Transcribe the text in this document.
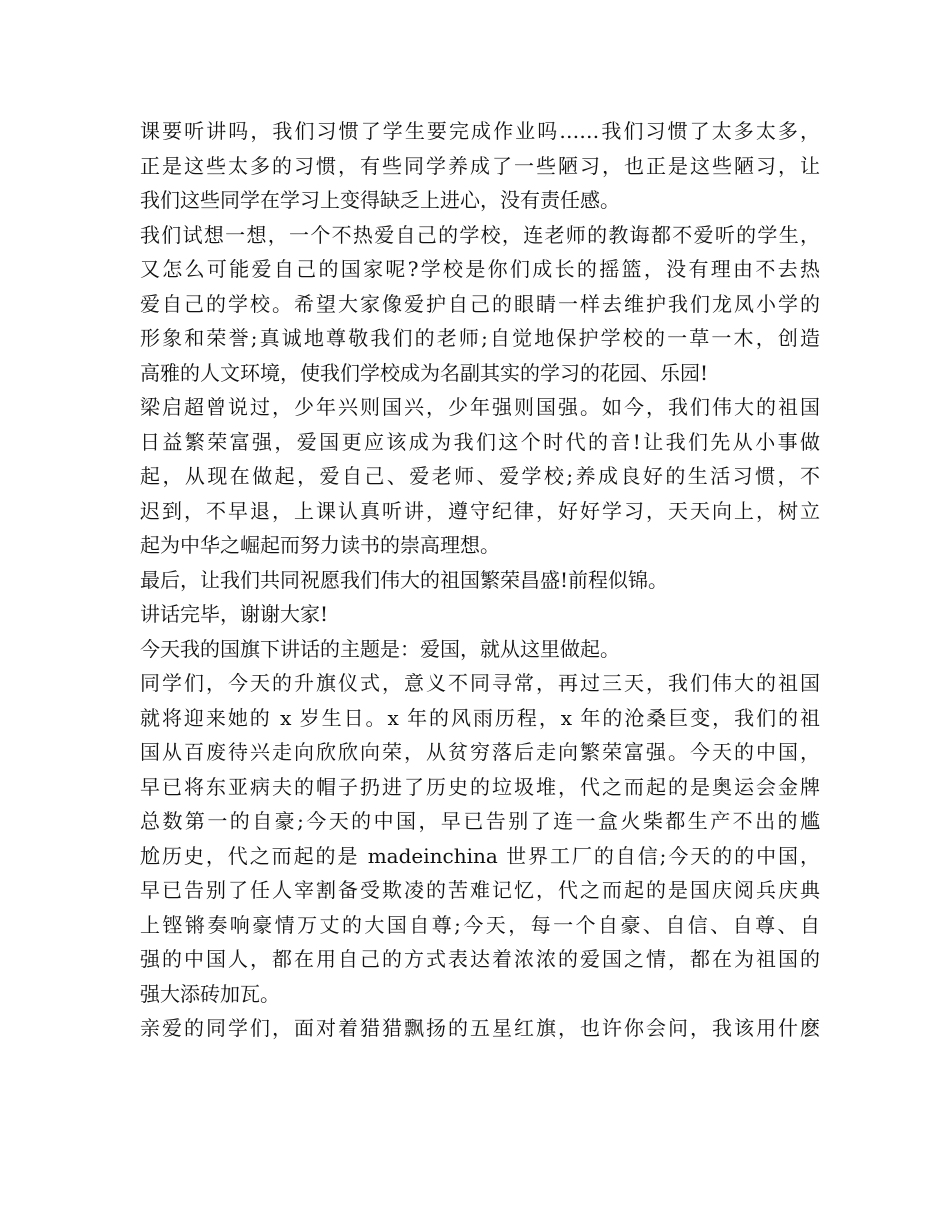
课要听讲吗，我们习惯了学生要完成作业吗……我们习惯了太多太多，
正是这些太多的习惯，有些同学养成了一些陋习，也正是这些陋习，让
我们这些同学在学习上变得缺乏上进心，没有责任感。
我们试想一想，一个不热爱自己的学校，连老师的教诲都不爱听的学生，
又怎么可能爱自己的国家呢?学校是你们成长的摇篮，没有理由不去热
爱自己的学校。希望大家像爱护自己的眼睛一样去维护我们龙凤小学的
形象和荣誉;真诚地尊敬我们的老师;自觉地保护学校的一草一木，创造
高雅的人文环境，使我们学校成为名副其实的学习的花园、乐园!
梁启超曾说过，少年兴则国兴，少年强则国强。如今，我们伟大的祖国
日益繁荣富强，爱国更应该成为我们这个时代的音!让我们先从小事做
起，从现在做起，爱自己、爱老师、爱学校;养成良好的生活习惯，不
迟到，不早退，上课认真听讲，遵守纪律，好好学习，天天向上，树立
起为中华之崛起而努力读书的崇高理想。
最后，让我们共同祝愿我们伟大的祖国繁荣昌盛!前程似锦。
讲话完毕，谢谢大家!
今天我的国旗下讲话的主题是：爱国，就从这里做起。
同学们，今天的升旗仪式，意义不同寻常，再过三天，我们伟大的祖国
就将迎来她的 x 岁生日。x 年的风雨历程，x 年的沧桑巨变，我们的祖
国从百废待兴走向欣欣向荣，从贫穷落后走向繁荣富强。今天的中国，
早已将东亚病夫的帽子扔进了历史的垃圾堆，代之而起的是奥运会金牌
总数第一的自豪;今天的中国，早已告别了连一盒火柴都生产不出的尴
尬历史，代之而起的是 madeinchina 世界工厂的自信;今天的的中国，
早已告别了任人宰割备受欺凌的苦难记忆，代之而起的是国庆阅兵庆典
上铿锵奏响豪情万丈的大国自尊;今天，每一个自豪、自信、自尊、自
强的中国人，都在用自己的方式表达着浓浓的爱国之情，都在为祖国的
强大添砖加瓦。
亲爱的同学们，面对着猎猎飘扬的五星红旗，也许你会问，我该用什麽
